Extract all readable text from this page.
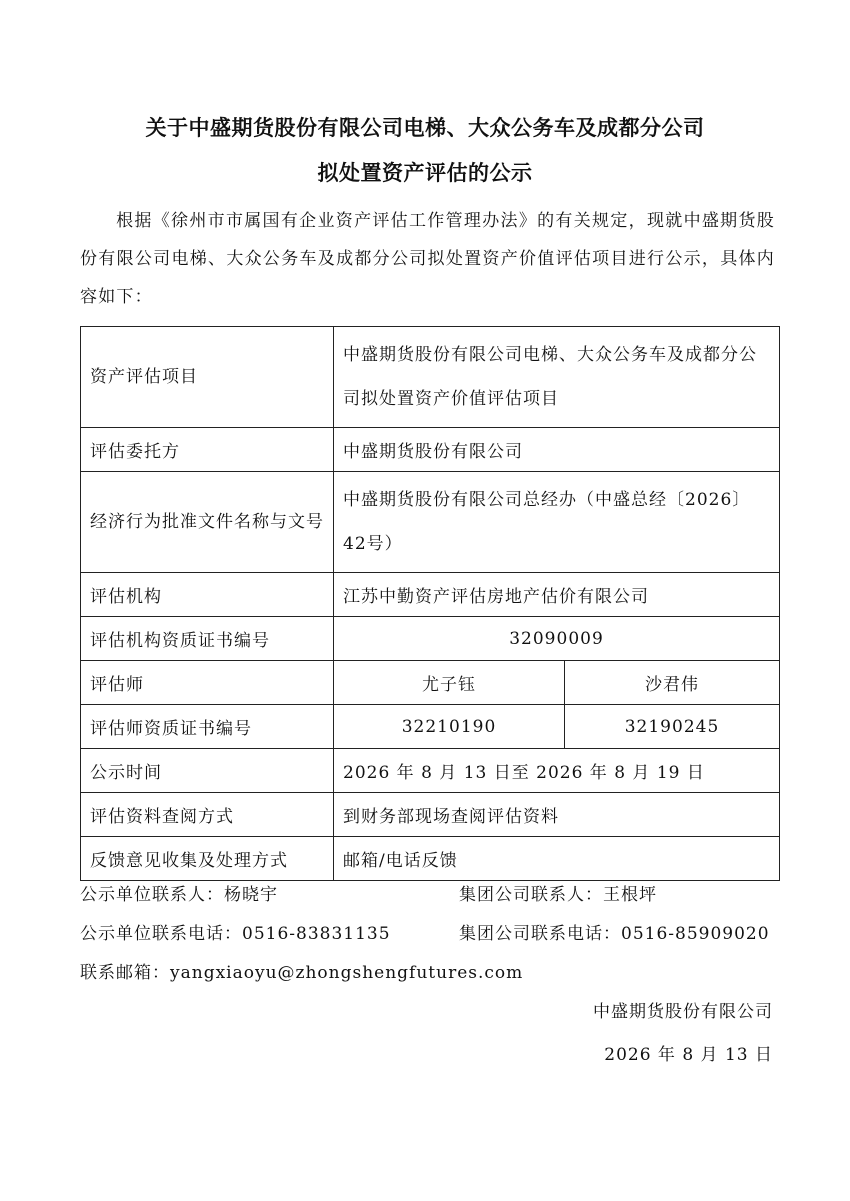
关于中盛期货股份有限公司电梯、大众公务车及成都分公司
拟处置资产评估的公示
根据《徐州市市属国有企业资产评估工作管理办法》的有关规定，现就中盛期货股份有限公司电梯、大众公务车及成都分公司拟处置资产价值评估项目进行公示，具体内容如下：
资产评估项目	中盛期货股份有限公司电梯、大众公务车及成都分公司拟处置资产价值评估项目	
评估委托方	中盛期货股份有限公司	
经济行为批准文件名称与文号	中盛期货股份有限公司总经办（中盛总经〔2026〕42号）	
评估机构	江苏中勤资产评估房地产估价有限公司	
评估机构资质证书编号	32090009	
评估师	尤子钰	沙君伟
评估师资质证书编号	32210190	32190245
公示时间	2026 年 8 月 13 日至 2026 年 8 月 19 日	
评估资料查阅方式	到财务部现场查阅评估资料	
反馈意见收集及处理方式	邮箱/电话反馈	
公示单位联系人：杨晓宇	集团公司联系人：王根坪
公示单位联系电话：0516-83831135	集团公司联系电话：0516-85909020
联系邮箱：yangxiaoyu@zhongshengfutures.com
中盛期货股份有限公司
2026 年 8 月 13 日
